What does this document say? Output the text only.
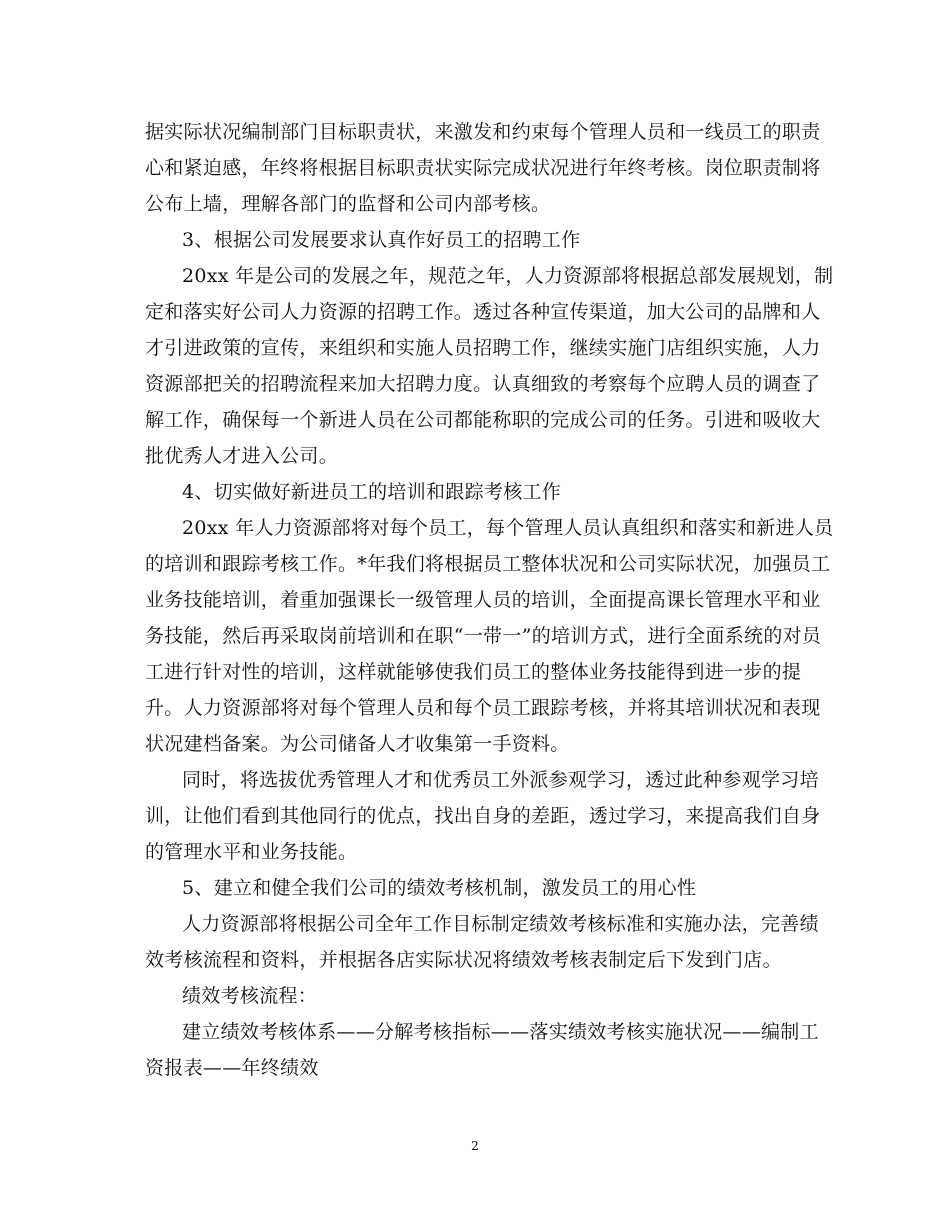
据实际状况编制部门目标职责状，来激发和约束每个管理人员和一线员工的职责
心和紧迫感，年终将根据目标职责状实际完成状况进行年终考核。岗位职责制将
公布上墙，理解各部门的监督和公司内部考核。
3、根据公司发展要求认真作好员工的招聘工作
20xx 年是公司的发展之年，规范之年，人力资源部将根据总部发展规划，制
定和落实好公司人力资源的招聘工作。透过各种宣传渠道，加大公司的品牌和人
才引进政策的宣传，来组织和实施人员招聘工作，继续实施门店组织实施，人力
资源部把关的招聘流程来加大招聘力度。认真细致的考察每个应聘人员的调查了
解工作，确保每一个新进人员在公司都能称职的完成公司的任务。引进和吸收大
批优秀人才进入公司。
4、切实做好新进员工的培训和跟踪考核工作
20xx 年人力资源部将对每个员工，每个管理人员认真组织和落实和新进人员
的培训和跟踪考核工作。*年我们将根据员工整体状况和公司实际状况，加强员工
业务技能培训，着重加强课长一级管理人员的培训，全面提高课长管理水平和业
务技能，然后再采取岗前培训和在职“一带一”的培训方式，进行全面系统的对员
工进行针对性的培训，这样就能够使我们员工的整体业务技能得到进一步的提
升。人力资源部将对每个管理人员和每个员工跟踪考核，并将其培训状况和表现
状况建档备案。为公司储备人才收集第一手资料。
同时，将选拔优秀管理人才和优秀员工外派参观学习，透过此种参观学习培
训，让他们看到其他同行的优点，找出自身的差距，透过学习，来提高我们自身
的管理水平和业务技能。
5、建立和健全我们公司的绩效考核机制，激发员工的用心性
人力资源部将根据公司全年工作目标制定绩效考核标准和实施办法，完善绩
效考核流程和资料，并根据各店实际状况将绩效考核表制定后下发到门店。
绩效考核流程：
建立绩效考核体系——分解考核指标——落实绩效考核实施状况——编制工
资报表——年终绩效
2
